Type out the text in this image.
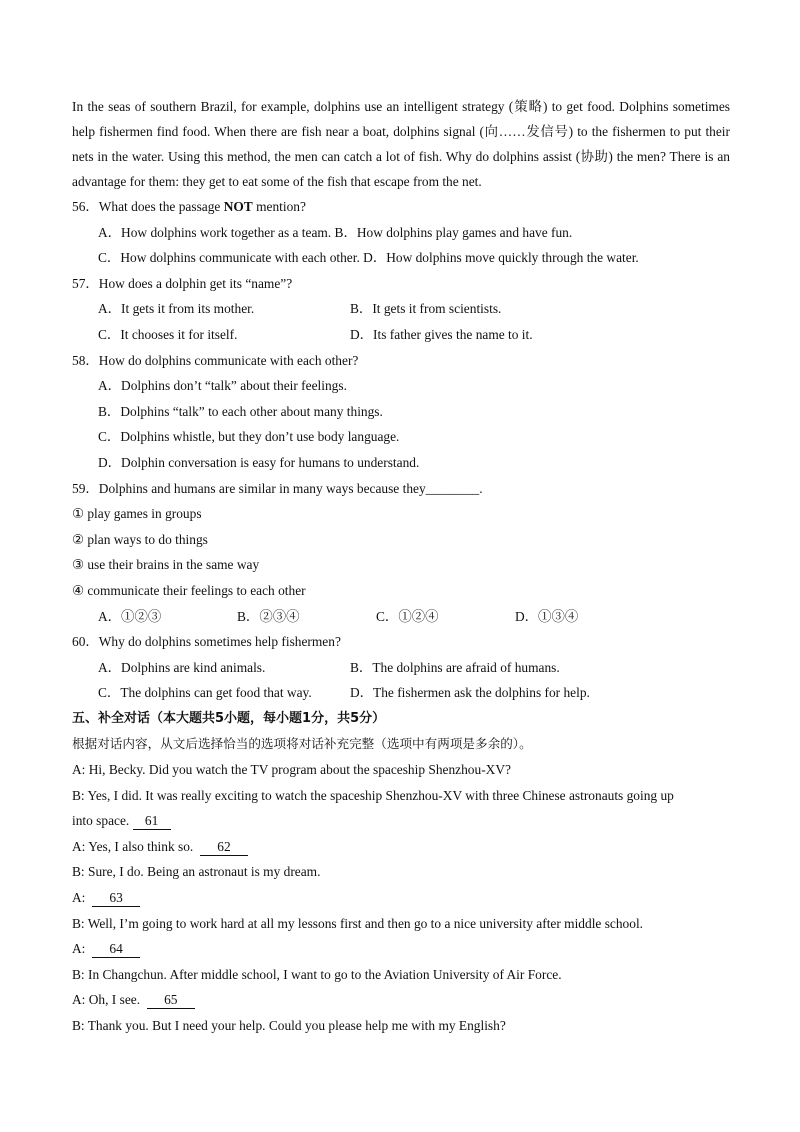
In the seas of southern Brazil, for example, dolphins use an intelligent strategy (策略) to get food. Dolphins sometimes help fishermen find food. When there are fish near a boat, dolphins signal (向……发信号) to the fishermen to put their nets in the water. Using this method, the men can catch a lot of fish. Why do dolphins assist (协助) the men? There is an advantage for them: they get to eat some of the fish that escape from the net.

56．What does the passage NOT mention?
A．How dolphins work together as a team. B．How dolphins play games and have fun.
C．How dolphins communicate with each other. D．How dolphins move quickly through the water.
57．How does a dolphin get its “name”?
A．It gets it from its mother.	B．It gets it from scientists.
C．It chooses it for itself.	D．Its father gives the name to it.
58．How do dolphins communicate with each other?
A．Dolphins don’t “talk” about their feelings.
B．Dolphins “talk” to each other about many things.
C．Dolphins whistle, but they don’t use body language.
D．Dolphin conversation is easy for humans to understand.
59．Dolphins and humans are similar in many ways because they________.
① play games in groups
② plan ways to do things
③ use their brains in the same way
④ communicate their feelings to each other
A．①②③	B．②③④	C．①②④	D．①③④
60．Why do dolphins sometimes help fishermen?
A．Dolphins are kind animals.	B．The dolphins are afraid of humans.
C．The dolphins can get food that way.	D．The fishermen ask the dolphins for help.
五、补全对话（本大题共5小题，每小题1分，共5分）
根据对话内容，从文后选择恰当的选项将对话补充完整（选项中有两项是多余的）。
A: Hi, Becky. Did you watch the TV program about the spaceship Shenzhou-XV?
B: Yes, I did. It was really exciting to watch the spaceship Shenzhou-XV with three Chinese astronauts going up
into space. 61
A: Yes, I also think so. 62
B: Sure, I do. Being an astronaut is my dream.
A: 63
B: Well, I’m going to work hard at all my lessons first and then go to a nice university after middle school.
A: 64
B: In Changchun. After middle school, I want to go to the Aviation University of Air Force.
A: Oh, I see. 65
B: Thank you. But I need your help. Could you please help me with my English?
